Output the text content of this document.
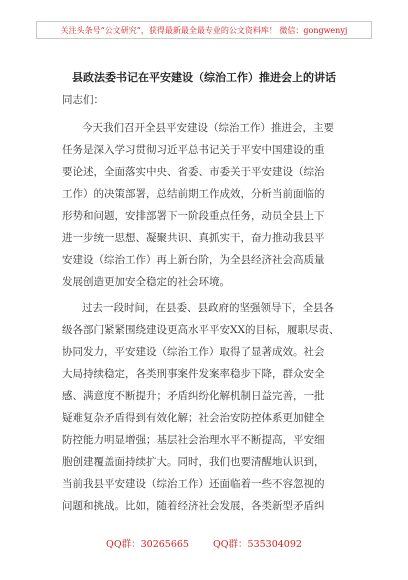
关注头条号“公文研究”，获得最新最全最专业的公文资料库！ 微信：gongwenyj
县政法委书记在平安建设（综治工作）推进会上的讲话
同志们：
今天我们召开全县平安建设（综治工作）推进会，主要
任务是深入学习贯彻习近平总书记关于平安中国建设的重
要论述，全面落实中央、省委、市委关于平安建设（综治
工作）的决策部署，总结前期工作成效，分析当前面临的
形势和问题，安排部署下一阶段重点任务，动员全县上下
进一步统一思想、凝聚共识、真抓实干，奋力推动我县平
安建设（综治工作）再上新台阶，为全县经济社会高质量
发展创造更加安全稳定的社会环境。
过去一段时间，在县委、县政府的坚强领导下，全县各
级各部门紧紧围绕建设更高水平平安XX的目标，履职尽责、
协同发力，平安建设（综治工作）取得了显著成效。社会
大局持续稳定，各类刑事案件发案率稳步下降，群众安全
感、满意度不断提升；矛盾纠纷化解机制日益完善，一批
疑难复杂矛盾得到有效化解；社会治安防控体系更加健全
防控能力明显增强；基层社会治理水平不断提高，平安细
胞创建覆盖面持续扩大。同时，我们也要清醒地认识到，
当前我县平安建设（综治工作）还面临着一些不容忽视的
问题和挑战。比如，随着经济社会发展，各类新型矛盾纠
QQ群：30265665	QQ群：535304092
